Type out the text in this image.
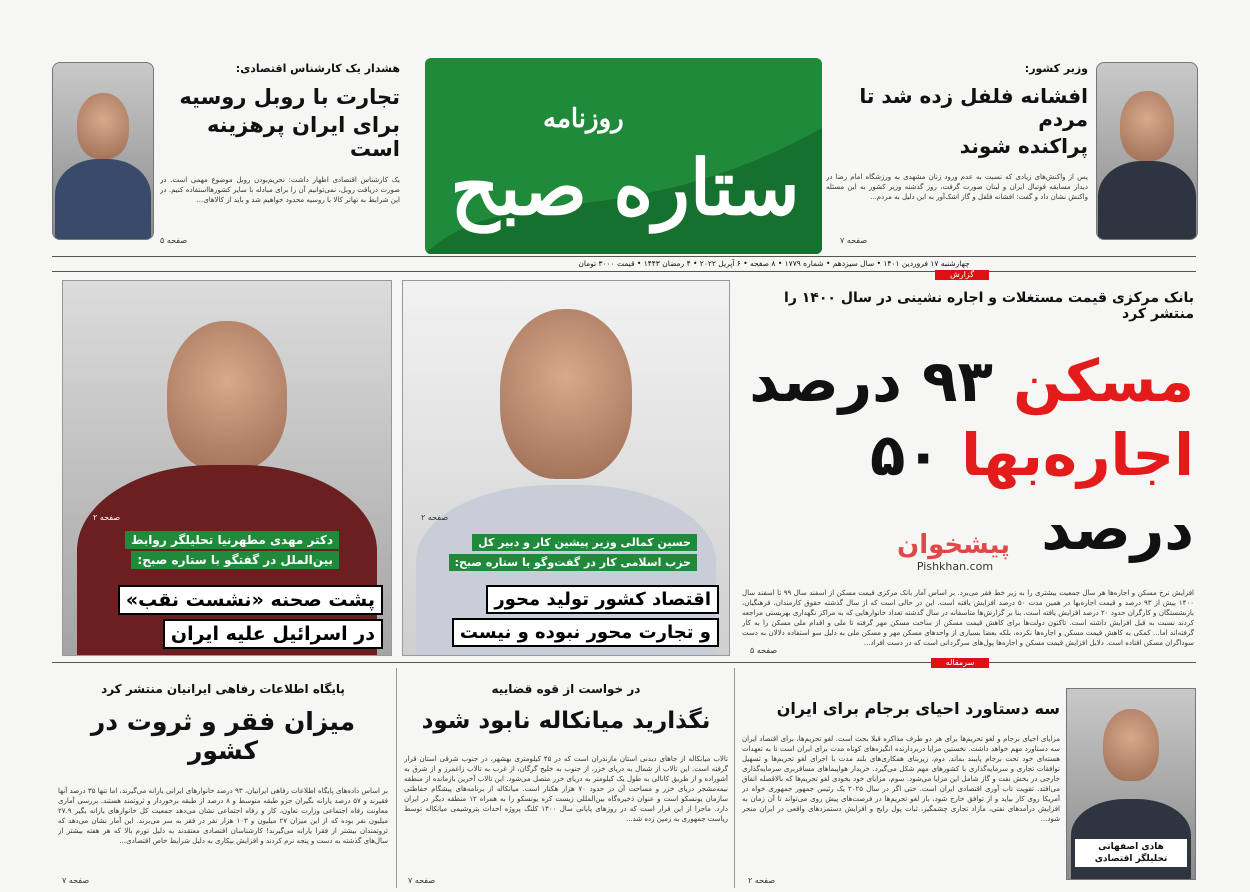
هشدار یک کارشناس اقتصادی:
تجارت با روبل روسیه
برای ایران پرهزینه است
یک کارشناس اقتصادی اظهار داشت: تحریم‌بودن روبل موضوع مهمی است. در صورت دریافت روبل، نمی‌توانیم آن را برای مبادله با سایر کشورها‌استفاده کنیم. در این شرایط به تهاتر کالا با روسیه محدود خواهیم شد و باید از کالاهای...
صفحه ۵
روزنامه
ستاره صبح
وزیر کشور:
افشانه فلفل زده شد تا مردم
پراکنده شوند
پس از واکنش‌های زیادی که نسبت به عدم ورود زنان مشهدی به ورزشگاه امام رضا در دیدار مسابقه فوتبال ایران و لبنان صورت گرفت، روز گذشته وزیر کشور به این مسئله واکنش نشان داد و گفت: افشانه فلفل و گاز اشک‌آور به این دلیل به مردم...
صفحه ۷
چهارشنبه ۱۷ فروردین ۱۴۰۱ • سال سیزدهم • شماره ۱۷۷۹ • ۸ صفحه • ۶ آپریل ۲۰۲۲ • ۴ رمضان ۱۴۴۳ • قیمت ۳۰۰۰ تومان
صفحه ۲
دکتر مهدی مطهرنیا تحلیلگر روابط
بین‌الملل در گفتگو با ستاره صبح:
پشت صحنه «نشست نقب»
در اسرائیل علیه ایران
صفحه ۲
حسین کمالی وزیر پیشین کار و دبیر کل
حزب اسلامی کار در گفت‌وگو با ستاره صبح:
اقتصاد کشور تولید محور
و تجارت محور نبوده و نیست
گزارش
بانک مرکزی قیمت مستغلات و اجاره نشینی در سال ۱۴۰۰ را منتشر کرد
مسکن ۹۳ درصد
اجاره‌بها ۵۰ درصد
افزایش نرخ مسکن و اجاره‌ها هر سال جمعیت بیشتری را به زیر خط فقر می‌برد. بر اساس آمار بانک مرکزی قیمت مسکن از اسفند سال ۹۹ تا اسفند سال ۱۴۰۰ بیش از ۹۳ درصد و قیمت اجاره‌بها در همین مدت ۵۰ درصد افزایش یافته است. این در حالی است که از سال گذشته حقوق کارمندان، فرهنگیان، بازنشستگان و کارگران حدود ۲۰ درصد افزایش یافته است. بنا بر گزارش‌ها متاسفانه در سال گذشته تعداد خانوارهایی که به مراکز نگهداری بهزیستی مراجعه کردند نسبت به قبل افزایش داشته است. تاکنون دولت‌ها برای کاهش قیمت مسکن از ساخت مسکن مهر گرفته تا ملی و اقدام ملی مسکن را به کار گرفته‌اند اما... کمکی به کاهش قیمت مسکن و اجاره‌ها نکرده، بلکه بعضا بسیاری از واحدهای مسکن مهر و مسکن ملی به دلیل سو استفاده دلالان به دست سوداگران مسکن افتاده است. دلایل افزایش قیمت مسکن و اجاره‌ها پول‌های سرگردانی است که در دست افراد...
پیشخوان
Pishkhan.com
صفحه ۵
پایگاه اطلاعات رفاهی ایرانیان منتشر کرد
میزان فقر و ثروت در کشور
بر اساس داده‌های پایگاه اطلاعات رفاهی ایرانیان، ۹۳ درصد خانوارهای ایرانی یارانه می‌گیرند، اما تنها ۳۵ درصد آنها فقیرند و ۵۷ درصد یارانه بگیران جزو طبقه متوسط و ۸ درصد از طبقه برخوردار و ثروتمند هستند. بررسی آماری معاونت رفاه اجتماعی وزارت تعاون، کار و رفاه اجتماعی نشان می‌دهد جمعیت کل خانوارهای یارانه بگیر ۲۷.۹ میلیون نفر بوده که از این میزان ۲۷ میلیون و ۱۰۳ هزار نفر در فقر به سر می‌برند. این آمار نشان می‌دهد که ثروتمندان بیشتر از فقرا یارانه می‌گیرند! کارشناسان اقتصادی معتقدند به دلیل تورم بالا که هر هفته بیشتر از سال‌های گذشته به دست و پنجه نرم کردند و افزایش بیکاری به دلیل شرایط خاص اقتصادی...
صفحه ۷
در خواست از قوه قضاییه
نگذارید میانکاله نابود شود
تالاب میانکاله از جاهای دیدنی استان مازندران است که در ۴۵ کیلومتری بهشهر، در جنوب شرقی استان قرار گرفته است. این تالاب از شمال به دریای خزر، از جنوب به خلیج گرگان، از غرب به تالاب زاغمرز و از شرق به آشوراده و از طریق کانالی به طول یک کیلومتر به دریای خزر متصل می‌شود. این تالاب آخرین بازمانده از منطقه نیمه‌مشجر دریای خزر و مساحت آن در حدود ۷۰ هزار هکتار است. میانکاله از برنامه‌های پیشگام حفاظتی سازمان یونسکو است و عنوان ذخیره‌گاه بین‌المللی زیست کره یونسکو را به همراه ۱۲ منطقه دیگر در ایران دارد. ماجرا از این قرار است که در روزهای پایانی سال ۱۴۰۰ کلنگ پروژه احداث پتروشیمی میانکاله توسط ریاست جمهوری به زمین زده شد...
صفحه ۷
سرمقاله
سه دستاورد احیای برجام برای ایران
مزایای احیای برجام و لغو تحریم‌ها برای هر دو طرف مذاکره قبلا بحث است. لغو تحریم‌ها، برای اقتصاد ایران سه دستاورد مهم خواهد داشت. نخستین مزایا دربردارنده انگیزه‌های کوتاه مدت برای ایران است تا به تعهدات هسته‌ای خود تحت برجام پایبند بماند. دوم، زیربنای همکاری‌های بلند مدت با اجرای لغو تحریم‌ها و تسهیل توافقات تجاری و سرمایه‌گذاری با کشورهای مهم شکل می‌گیرد. خریدار هواپیماهای مسافربری سرمایه‌گذاری خارجی در بخش نفت و گاز شامل این مزایا می‌شود. سوم، مزایای خود بخودی لغو تحریم‌ها که بالاقصله اتفاق می‌افتد. تقویت تاب آوری اقتصادی ایران است. حتی اگر در سال ۲۰۲۵ یک رئیس جمهور جمهوری خواه در آمریکا روی کار بیاید و از توافق خارج شود، باز لغو تحریم‌ها در فرصت‌های پیش روی می‌تواند تا آن زمان به افزایش درآمدهای نفتی، مازاد تجاری چشمگیر، ثبات پول رایج و افزایش دستمزدهای واقعی در ایران منجر شود...
صفحه ۲
هادی اصفهانی
تحلیلگر اقتصادی
